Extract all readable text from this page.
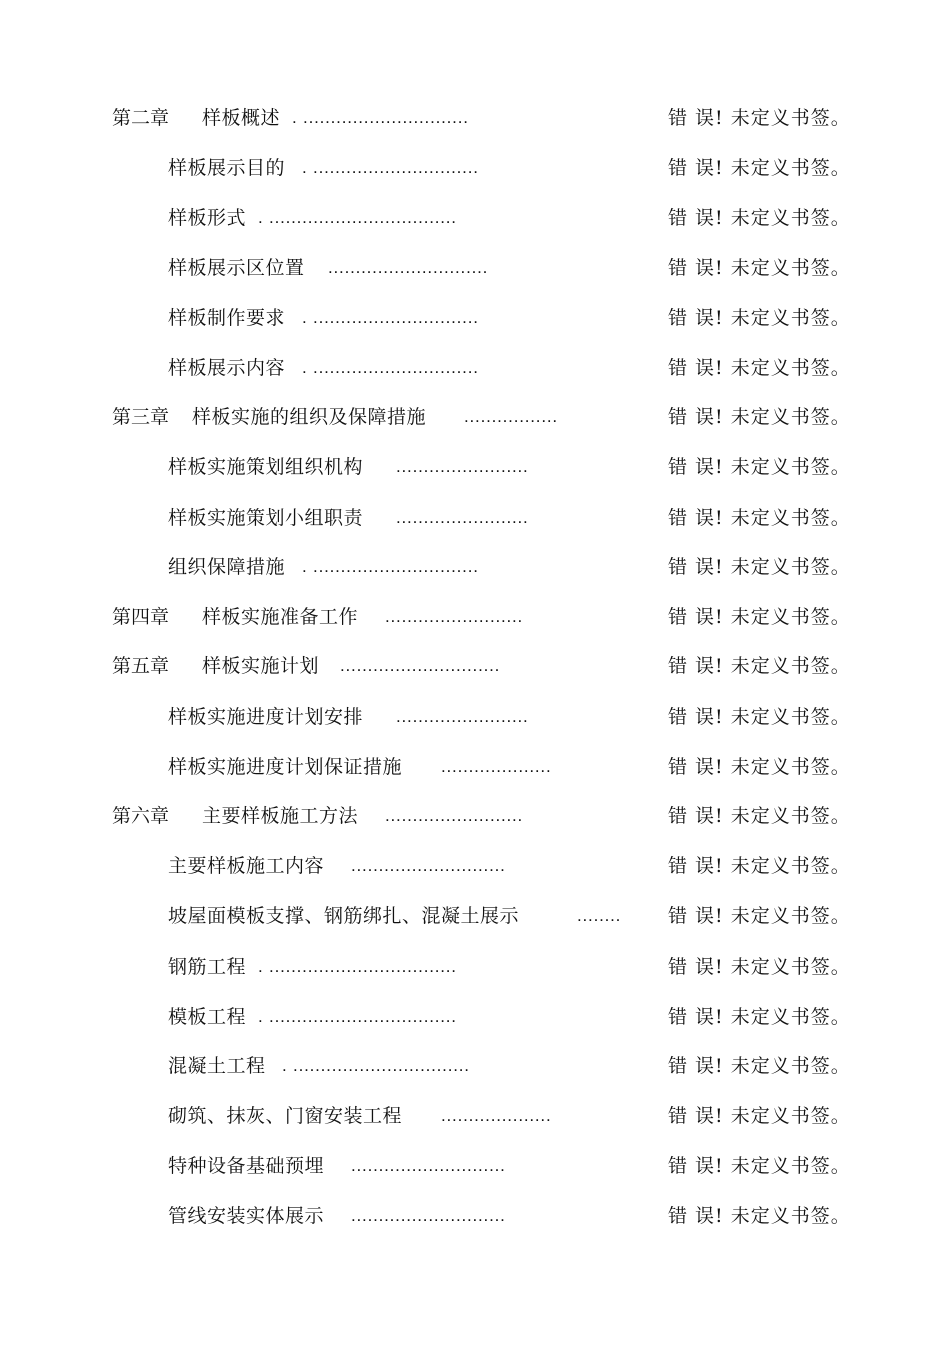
第二章 样板概述 . ..............................	错 误! 未定义书签。
样板展示目的 . ..............................	错 误! 未定义书签。
样板形式 . ..................................	错 误! 未定义书签。
样板展示区位置 .............................	错 误! 未定义书签。
样板制作要求 . ..............................	错 误! 未定义书签。
样板展示内容 . ..............................	错 误! 未定义书签。
第三章 样板实施的组织及保障措施 .................	错 误! 未定义书签。
样板实施策划组织机构 ........................	错 误! 未定义书签。
样板实施策划小组职责 ........................	错 误! 未定义书签。
组织保障措施 . ..............................	错 误! 未定义书签。
第四章 样板实施准备工作 .........................	错 误! 未定义书签。
第五章 样板实施计划 .............................	错 误! 未定义书签。
样板实施进度计划安排 ........................	错 误! 未定义书签。
样板实施进度计划保证措施 ....................	错 误! 未定义书签。
第六章 主要样板施工方法 .........................	错 误! 未定义书签。
主要样板施工内容 ............................	错 误! 未定义书签。
坡屋面模板支撑、钢筋绑扎、混凝土展示	........ 错 误! 未定义书签。
钢筋工程 . ..................................	错 误! 未定义书签。
模板工程 . ..................................	错 误! 未定义书签。
混凝土工程 . ................................	错 误! 未定义书签。
砌筑、抹灰、门窗安装工程 ....................	错 误! 未定义书签。
特种设备基础预埋 ............................	错 误! 未定义书签。
管线安装实体展示 ............................	错 误! 未定义书签。
